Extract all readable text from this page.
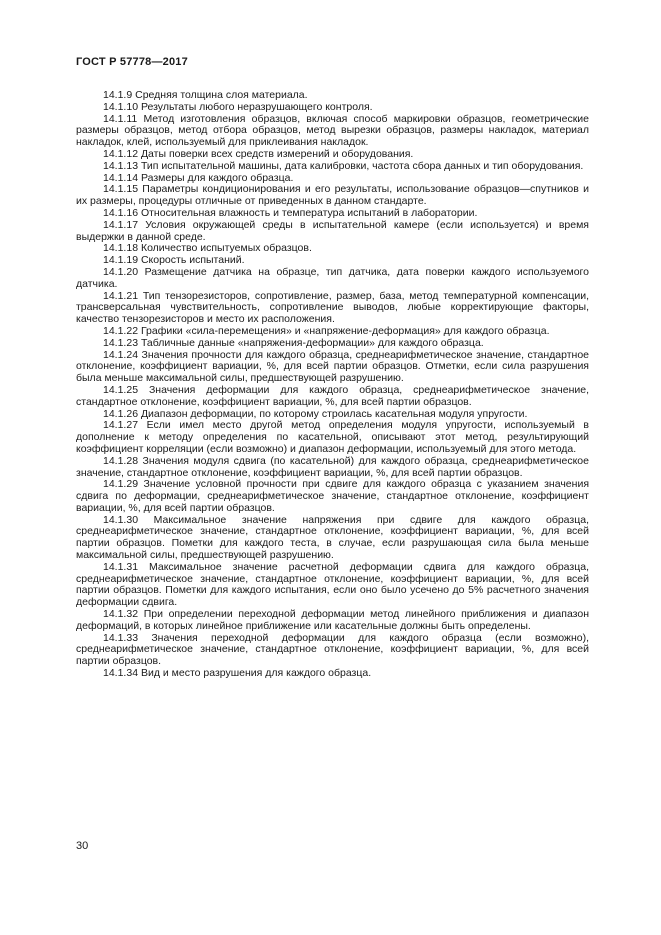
ГОСТ Р 57778—2017

14.1.9 Средняя толщина слоя материала.

14.1.10 Результаты любого неразрушающего контроля.

14.1.11 Метод изготовления образцов, включая способ маркировки образцов, геометрические размеры образцов, метод отбора образцов, метод вырезки образцов, размеры накладок, материал накладок, клей, используемый для приклеивания накладок.

14.1.12 Даты поверки всех средств измерений и оборудования.

14.1.13 Тип испытательной машины, дата калибровки, частота сбора данных и тип оборудования.

14.1.14 Размеры для каждого образца.

14.1.15 Параметры кондиционирования и его результаты, использование образцов—спутников и их размеры, процедуры отличные от приведенных в данном стандарте.

14.1.16 Относительная влажность и температура испытаний в лаборатории.

14.1.17 Условия окружающей среды в испытательной камере (если используется) и время выдержки в данной среде.

14.1.18 Количество испытуемых образцов.

14.1.19 Скорость испытаний.

14.1.20 Размещение датчика на образце, тип датчика, дата поверки каждого используемого датчика.

14.1.21 Тип тензорезисторов, сопротивление, размер, база, метод температурной компенсации, трансверсальная чувствительность, сопротивление выводов, любые корректирующие факторы, качество тензорезисторов и место их расположения.

14.1.22 Графики «сила-перемещения» и «напряжение-деформация» для каждого образца.

14.1.23 Табличные данные «напряжения-деформации» для каждого образца.

14.1.24 Значения прочности для каждого образца, среднеарифметическое значение, стандартное отклонение, коэффициент вариации, %, для всей партии образцов. Отметки, если сила разрушения была меньше максимальной силы, предшествующей разрушению.

14.1.25 Значения деформации для каждого образца, среднеарифметическое значение, стандартное отклонение, коэффициент вариации, %, для всей партии образцов.

14.1.26 Диапазон деформации, по которому строилась касательная модуля упругости.

14.1.27 Если имел место другой метод определения модуля упругости, используемый в дополнение к методу определения по касательной, описывают этот метод, результирующий коэффициент корреляции (если возможно) и диапазон деформации, используемый для этого метода.

14.1.28 Значения модуля сдвига (по касательной) для каждого образца, среднеарифметическое значение, стандартное отклонение, коэффициент вариации, %, для всей партии образцов.

14.1.29 Значение условной прочности при сдвиге для каждого образца с указанием значения сдвига по деформации, среднеарифметическое значение, стандартное отклонение, коэффициент вариации, %, для всей партии образцов.

14.1.30 Максимальное значение напряжения при сдвиге для каждого образца, среднеарифметическое значение, стандартное отклонение, коэффициент вариации, %, для всей партии образцов. Пометки для каждого теста, в случае, если разрушающая сила была меньше максимальной силы, предшествующей разрушению.

14.1.31 Максимальное значение расчетной деформации сдвига для каждого образца, среднеарифметическое значение, стандартное отклонение, коэффициент вариации, %, для всей партии образцов. Пометки для каждого испытания, если оно было усечено до 5% расчетного значения деформации сдвига.

14.1.32 При определении переходной деформации метод линейного приближения и диапазон деформаций, в которых линейное приближение или касательные должны быть определены.

14.1.33 Значения переходной деформации для каждого образца (если возможно), среднеарифметическое значение, стандартное отклонение, коэффициент вариации, %, для всей партии образцов.

14.1.34 Вид и место разрушения для каждого образца.

30
